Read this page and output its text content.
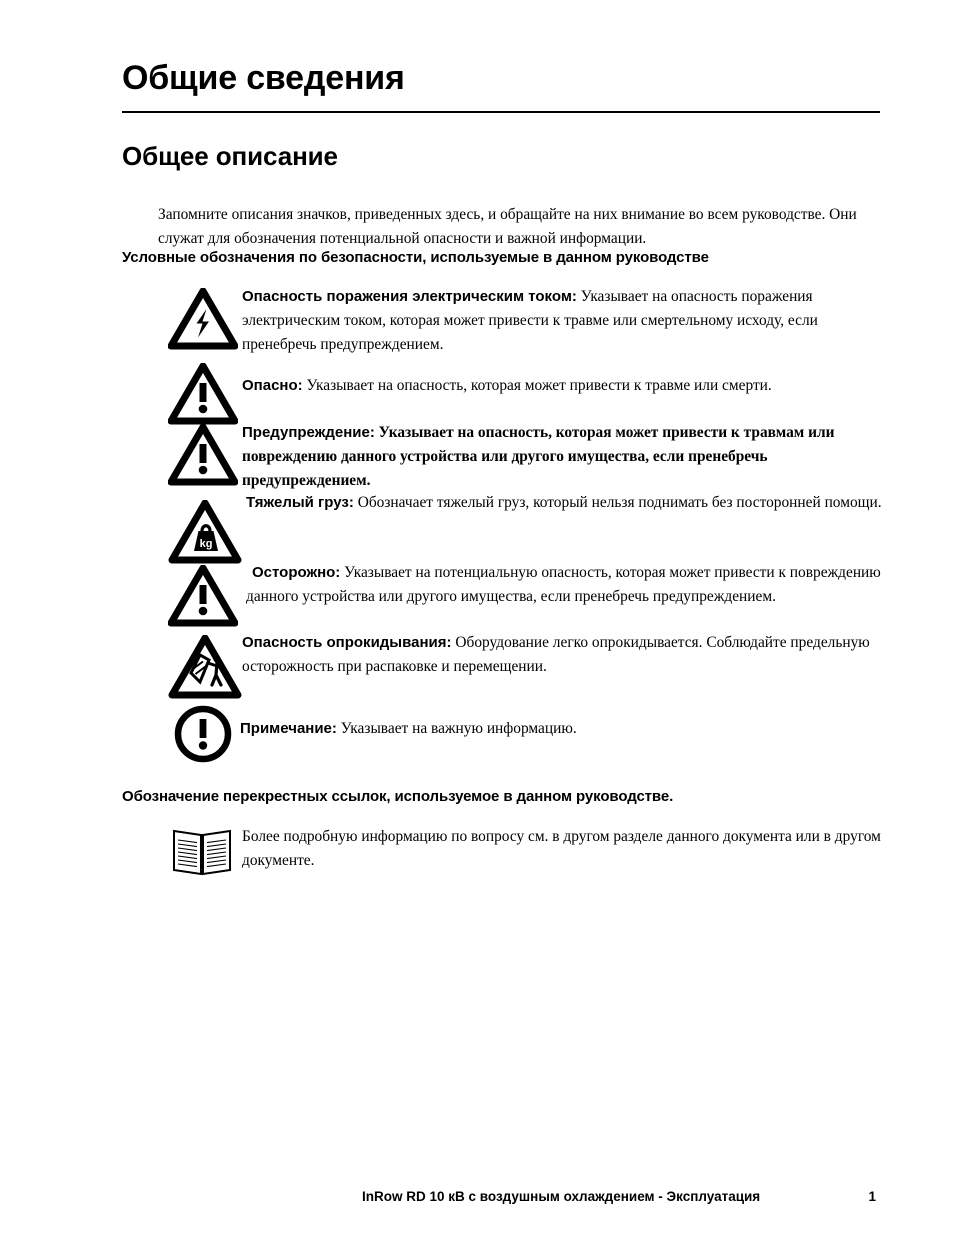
Общие сведения
Общее описание

Запомните описания значков, приведенных здесь, и обращайте на них внимание во всем руководстве. Они служат для обозначения потенциальной опасности и важной информации.

Условные обозначения по безопасности, используемые в данном руководстве
Опасность поражения электрическим током: Указывает на опасность поражения электрическим током, которая может привести к травме или смертельному исходу, если пренебречь предупреждением.
Опасно: Указывает на опасность, которая может привести к травме или смерти.
Предупреждение: Указывает на опасность, которая может привести к травмам или повреждению данного устройства или другого имущества, если пренебречь предупреждением.
kg
Тяжелый груз: Обозначает тяжелый груз, который нельзя поднимать без посторонней помощи.
Осторожно: Указывает на потенциальную опасность, которая может привести к повреждению данного устройства или другого имущества, если пренебречь предупреждением.
Опасность опрокидывания: Оборудование легко опрокидывается. Соблюдайте предельную осторожность при распаковке и перемещении.
Примечание: Указывает на важную информацию.
Обозначение перекрестных ссылок, используемое в данном руководстве.
Более подробную информацию по вопросу см. в другом разделе данного документа или в другом документе.
InRow RD 10 кВ с воздушным охлаждением - Эксплуатация	1
